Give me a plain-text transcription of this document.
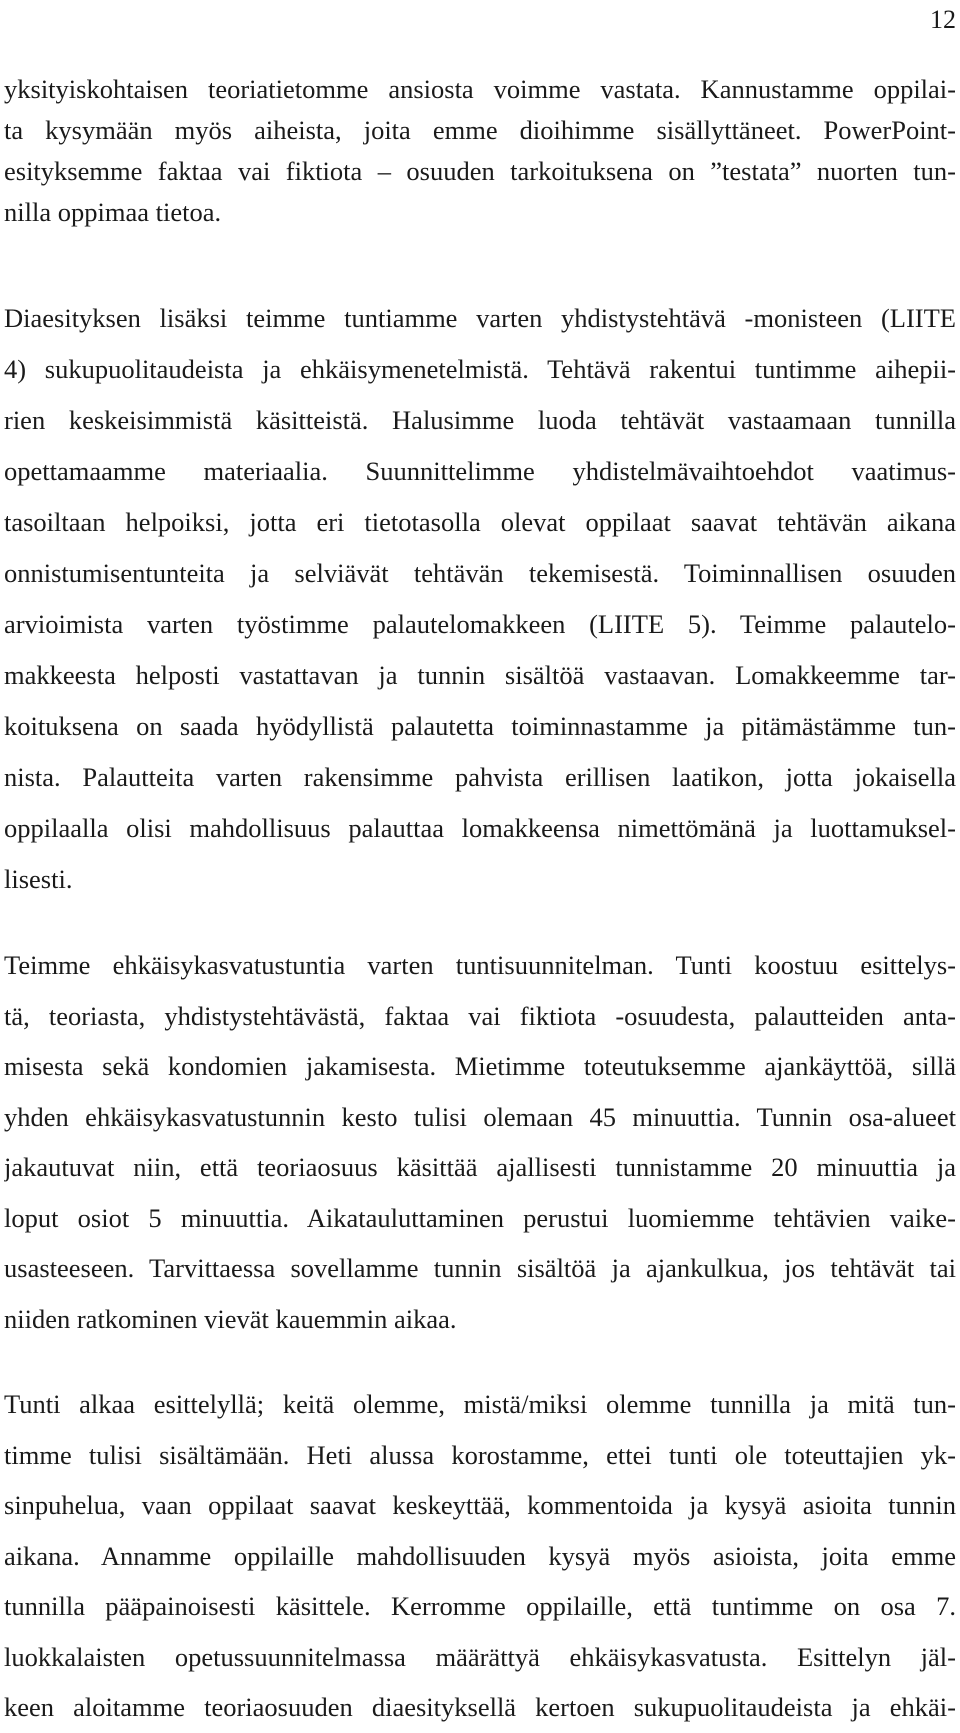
12
yksityiskohtaisen teoriatietomme ansiosta voimme vastata. Kannustamme oppilai-
ta kysymään myös aiheista, joita emme dioihimme sisällyttäneet. PowerPoint-
esityksemme faktaa vai fiktiota – osuuden tarkoituksena on ”testata” nuorten tun-
nilla oppimaa tietoa.
Diaesityksen lisäksi teimme tuntiamme varten yhdistystehtävä -monisteen (LIITE
4) sukupuolitaudeista ja ehkäisymenetelmistä. Tehtävä rakentui tuntimme aihepii-
rien keskeisimmistä käsitteistä. Halusimme luoda tehtävät vastaamaan tunnilla
opettamaamme materiaalia. Suunnittelimme yhdistelmävaihtoehdot vaatimus-
tasoiltaan helpoiksi, jotta eri tietotasolla olevat oppilaat saavat tehtävän aikana
onnistumisentunteita ja selviävät tehtävän tekemisestä. Toiminnallisen osuuden
arvioimista varten työstimme palautelomakkeen (LIITE 5). Teimme palautelo-
makkeesta helposti vastattavan ja tunnin sisältöä vastaavan. Lomakkeemme tar-
koituksena on saada hyödyllistä palautetta toiminnastamme ja pitämästämme tun-
nista. Palautteita varten rakensimme pahvista erillisen laatikon, jotta jokaisella
oppilaalla olisi mahdollisuus palauttaa lomakkeensa nimettömänä ja luottamuksel-
lisesti.
Teimme ehkäisykasvatustuntia varten tuntisuunnitelman. Tunti koostuu esittelys-
tä, teoriasta, yhdistystehtävästä, faktaa vai fiktiota -osuudesta, palautteiden anta-
misesta sekä kondomien jakamisesta. Mietimme toteutuksemme ajankäyttöä, sillä
yhden ehkäisykasvatustunnin kesto tulisi olemaan 45 minuuttia. Tunnin osa-alueet
jakautuvat niin, että teoriaosuus käsittää ajallisesti tunnistamme 20 minuuttia ja
loput osiot 5 minuuttia. Aikatauluttaminen perustui luomiemme tehtävien vaike-
usasteeseen. Tarvittaessa sovellamme tunnin sisältöä ja ajankulkua, jos tehtävät tai
niiden ratkominen vievät kauemmin aikaa.
Tunti alkaa esittelyllä; keitä olemme, mistä/miksi olemme tunnilla ja mitä tun-
timme tulisi sisältämään. Heti alussa korostamme, ettei tunti ole toteuttajien yk-
sinpuhelua, vaan oppilaat saavat keskeyttää, kommentoida ja kysyä asioita tunnin
aikana. Annamme oppilaille mahdollisuuden kysyä myös asioista, joita emme
tunnilla pääpainoisesti käsittele. Kerromme oppilaille, että tuntimme on osa 7.
luokkalaisten opetussuunnitelmassa määrättyä ehkäisykasvatusta. Esittelyn jäl-
keen aloitamme teoriaosuuden diaesityksellä kertoen sukupuolitaudeista ja ehkäi-
